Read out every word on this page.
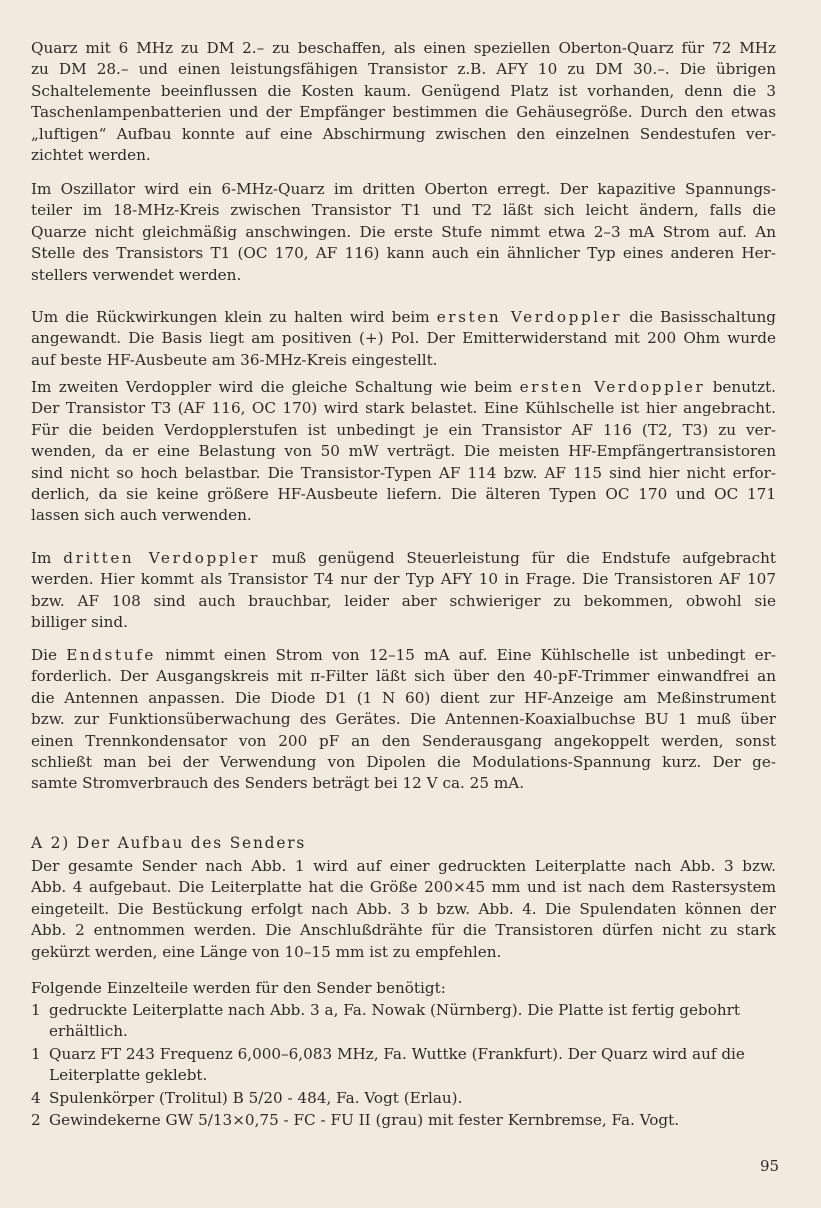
Quarz mit 6 MHz zu DM 2.– zu beschaffen, als einen speziellen Oberton-Quarz für 72 MHz
zu DM 28.– und einen leistungsfähigen Transistor z.B. AFY 10 zu DM 30.–. Die übrigen
Schaltelemente beeinflussen die Kosten kaum. Genügend Platz ist vorhanden, denn die 3
Taschenlampenbatterien und der Empfänger bestimmen die Gehäusegröße. Durch den etwas
„luftigen“ Aufbau konnte auf eine Abschirmung zwischen den einzelnen Sendestufen ver-
zichtet werden.

Im Oszillator wird ein 6-MHz-Quarz im dritten Oberton erregt. Der kapazitive Spannungs-
teiler im 18-MHz-Kreis zwischen Transistor T1 und T2 läßt sich leicht ändern, falls die
Quarze nicht gleichmäßig anschwingen. Die erste Stufe nimmt etwa 2–3 mA Strom auf. An
Stelle des Transistors T1 (OC 170, AF 116) kann auch ein ähnlicher Typ eines anderen Her-
stellers verwendet werden.

Um die Rückwirkungen klein zu halten wird beim ersten Verdoppler die Basisschaltung
angewandt. Die Basis liegt am positiven (+) Pol. Der Emitterwiderstand mit 200 Ohm wurde
auf beste HF-Ausbeute am 36-MHz-Kreis eingestellt.

Im zweiten Verdoppler wird die gleiche Schaltung wie beim ersten Verdoppler benutzt.
Der Transistor T3 (AF 116, OC 170) wird stark belastet. Eine Kühlschelle ist hier angebracht.
Für die beiden Verdopplerstufen ist unbedingt je ein Transistor AF 116 (T2, T3) zu ver-
wenden, da er eine Belastung von 50 mW verträgt. Die meisten HF-Empfängertransistoren
sind nicht so hoch belastbar. Die Transistor-Typen AF 114 bzw. AF 115 sind hier nicht erfor-
derlich, da sie keine größere HF-Ausbeute liefern. Die älteren Typen OC 170 und OC 171
lassen sich auch verwenden.

Im dritten Verdoppler muß genügend Steuerleistung für die Endstufe aufgebracht
werden. Hier kommt als Transistor T4 nur der Typ AFY 10 in Frage. Die Transistoren AF 107
bzw. AF 108 sind auch brauchbar, leider aber schwieriger zu bekommen, obwohl sie
billiger sind.

Die Endstufe nimmt einen Strom von 12–15 mA auf. Eine Kühlschelle ist unbedingt er-
forderlich. Der Ausgangskreis mit π-Filter läßt sich über den 40-pF-Trimmer einwandfrei an
die Antennen anpassen. Die Diode D1 (1 N 60) dient zur HF-Anzeige am Meßinstrument
bzw. zur Funktionsüberwachung des Gerätes. Die Antennen-Koaxialbuchse BU 1 muß über
einen Trennkondensator von 200 pF an den Senderausgang angekoppelt werden, sonst
schließt man bei der Verwendung von Dipolen die Modulations-Spannung kurz. Der ge-
samte Stromverbrauch des Senders beträgt bei 12 V ca. 25 mA.

A 2) Der Aufbau des Senders

Der gesamte Sender nach Abb. 1 wird auf einer gedruckten Leiterplatte nach Abb. 3 bzw.
Abb. 4 aufgebaut. Die Leiterplatte hat die Größe 200×45 mm und ist nach dem Rastersystem
eingeteilt. Die Bestückung erfolgt nach Abb. 3 b bzw. Abb. 4. Die Spulendaten können der
Abb. 2 entnommen werden. Die Anschlußdrähte für die Transistoren dürfen nicht zu stark
gekürzt werden, eine Länge von 10–15 mm ist zu empfehlen.

Folgende Einzelteile werden für den Sender benötigt:

1 gedruckte Leiterplatte nach Abb. 3 a, Fa. Nowak (Nürnberg). Die Platte ist fertig gebohrt
erhältlich.
1 Quarz FT 243 Frequenz 6,000–6,083 MHz, Fa. Wuttke (Frankfurt). Der Quarz wird auf die
Leiterplatte geklebt.
4 Spulenkörper (Trolitul) B 5/20 - 484, Fa. Vogt (Erlau).
2 Gewindekerne GW 5/13×0,75 - FC - FU II (grau) mit fester Kernbremse, Fa. Vogt.
95
